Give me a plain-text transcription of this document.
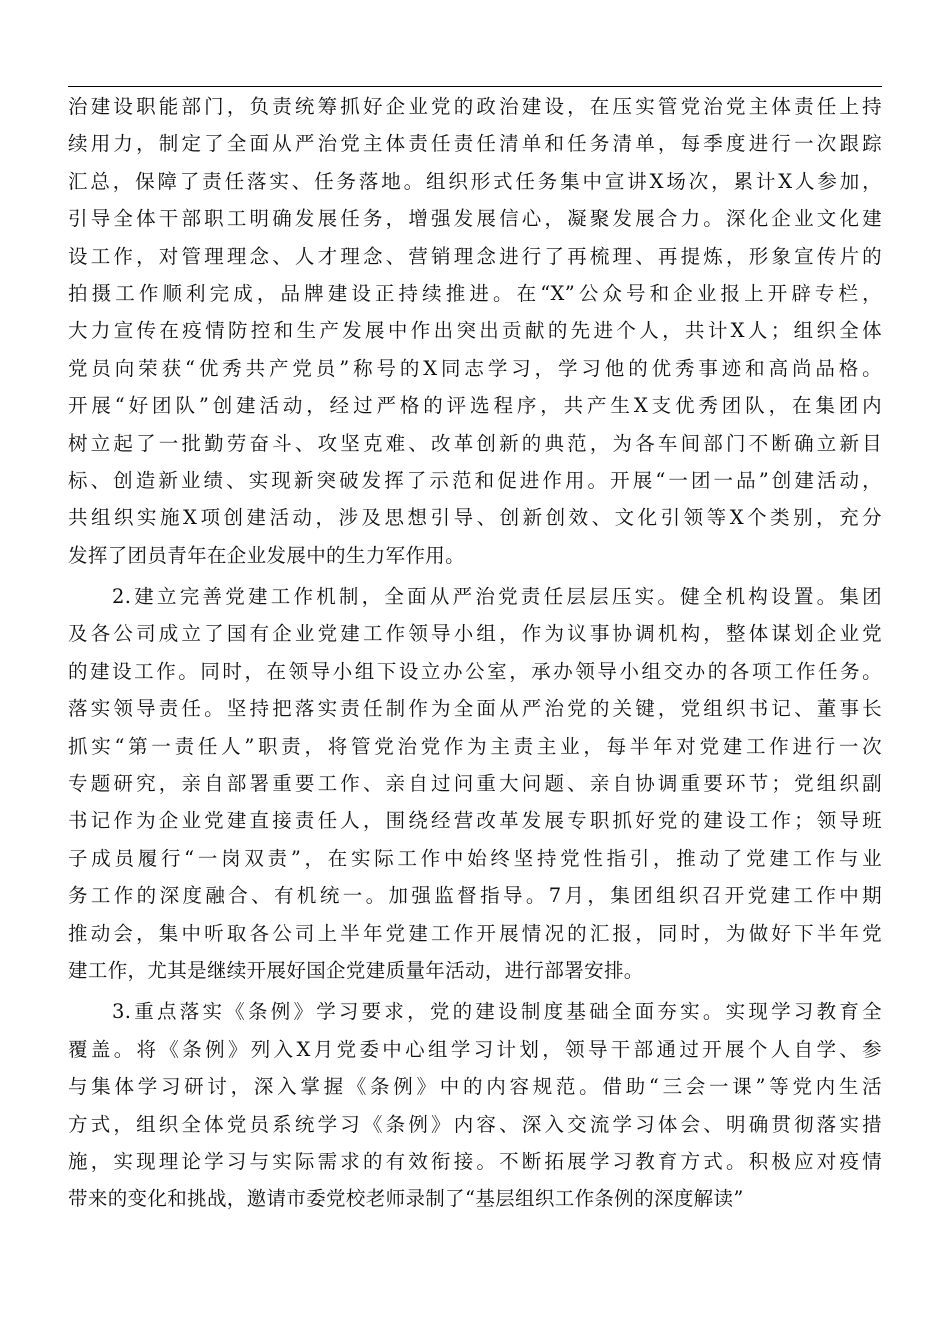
治建设职能部门，负责统筹抓好企业党的政治建设，在压实管党治党主体责任上持
续用力，制定了全面从严治党主体责任责任清单和任务清单，每季度进行一次跟踪
汇总，保障了责任落实、任务落地。组织形式任务集中宣讲X场次，累计X人参加，
引导全体干部职工明确发展任务，增强发展信心，凝聚发展合力。深化企业文化建
设工作，对管理理念、人才理念、营销理念进行了再梳理、再提炼，形象宣传片的
拍摄工作顺利完成，品牌建设正持续推进。在“X”公众号和企业报上开辟专栏，
大力宣传在疫情防控和生产发展中作出突出贡献的先进个人，共计X人；组织全体
党员向荣获“优秀共产党员”称号的X同志学习，学习他的优秀事迹和高尚品格。
开展“好团队”创建活动，经过严格的评选程序，共产生X支优秀团队，在集团内
树立起了一批勤劳奋斗、攻坚克难、改革创新的典范，为各车间部门不断确立新目
标、创造新业绩、实现新突破发挥了示范和促进作用。开展“一团一品”创建活动，
共组织实施X项创建活动，涉及思想引导、创新创效、文化引领等X个类别，充分
发挥了团员青年在企业发展中的生力军作用。
2.建立完善党建工作机制，全面从严治党责任层层压实。健全机构设置。集团
及各公司成立了国有企业党建工作领导小组，作为议事协调机构，整体谋划企业党
的建设工作。同时，在领导小组下设立办公室，承办领导小组交办的各项工作任务。
落实领导责任。坚持把落实责任制作为全面从严治党的关键，党组织书记、董事长
抓实“第一责任人”职责，将管党治党作为主责主业，每半年对党建工作进行一次
专题研究，亲自部署重要工作、亲自过问重大问题、亲自协调重要环节；党组织副
书记作为企业党建直接责任人，围绕经营改革发展专职抓好党的建设工作；领导班
子成员履行“一岗双责”，在实际工作中始终坚持党性指引，推动了党建工作与业
务工作的深度融合、有机统一。加强监督指导。7月，集团组织召开党建工作中期
推动会，集中听取各公司上半年党建工作开展情况的汇报，同时，为做好下半年党
建工作，尤其是继续开展好国企党建质量年活动，进行部署安排。
3.重点落实《条例》学习要求，党的建设制度基础全面夯实。实现学习教育全
覆盖。将《条例》列入X月党委中心组学习计划，领导干部通过开展个人自学、参
与集体学习研讨，深入掌握《条例》中的内容规范。借助“三会一课”等党内生活
方式，组织全体党员系统学习《条例》内容、深入交流学习体会、明确贯彻落实措
施，实现理论学习与实际需求的有效衔接。不断拓展学习教育方式。积极应对疫情
带来的变化和挑战，邀请市委党校老师录制了“基层组织工作条例的深度解读”
